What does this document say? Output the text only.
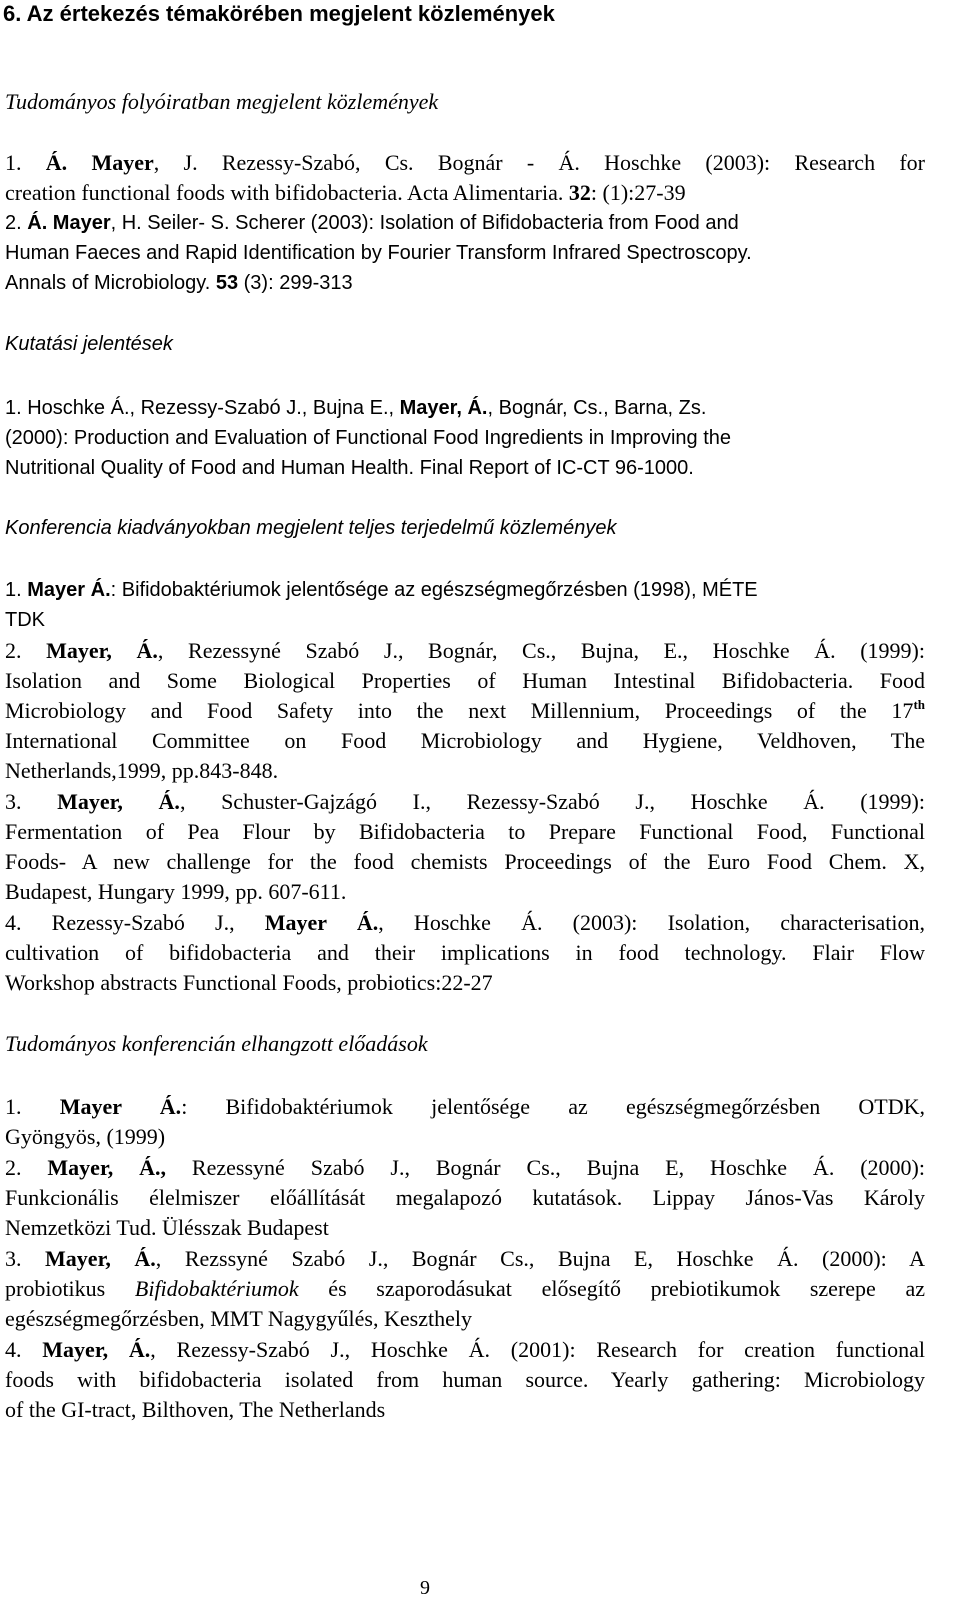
6. Az értekezés témakörében megjelent közlemények
Tudományos folyóiratban megjelent közlemények
1. Á. Mayer, J. Rezessy-Szabó, Cs. Bognár - Á. Hoschke (2003): Research for
creation functional foods with bifidobacteria. Acta Alimentaria. 32: (1):27-39
2. Á. Mayer, H. Seiler- S. Scherer (2003): Isolation of Bifidobacteria from Food and
Human Faeces and Rapid Identification by Fourier Transform Infrared Spectroscopy.
Annals of Microbiology. 53 (3): 299-313
Kutatási jelentések
1. Hoschke Á., Rezessy-Szabó J., Bujna E., Mayer, Á., Bognár, Cs., Barna, Zs.
(2000): Production and Evaluation of Functional Food Ingredients in Improving the
Nutritional Quality of Food and Human Health. Final Report of IC-CT 96-1000.
Konferencia kiadványokban megjelent teljes terjedelmű közlemények
1. Mayer Á.: Bifidobaktériumok jelentősége az egészségmegőrzésben (1998), MÉTE
TDK
2. Mayer, Á., Rezessyné Szabó J., Bognár, Cs., Bujna, E., Hoschke Á. (1999):
Isolation and Some Biological Properties of Human Intestinal Bifidobacteria. Food
Microbiology and Food Safety into the next Millennium, Proceedings of the 17th
International Committee on Food Microbiology and Hygiene, Veldhoven, The
Netherlands,1999, pp.843-848.
3. Mayer, Á., Schuster-Gajzágó I., Rezessy-Szabó J., Hoschke Á. (1999):
Fermentation of Pea Flour by Bifidobacteria to Prepare Functional Food, Functional
Foods- A new challenge for the food chemists Proceedings of the Euro Food Chem. X,
Budapest, Hungary 1999, pp. 607-611.
4. Rezessy-Szabó J., Mayer Á., Hoschke Á. (2003): Isolation, characterisation,
cultivation of bifidobacteria and their implications in food technology. Flair Flow
Workshop abstracts Functional Foods, probiotics:22-27
Tudományos konferencián elhangzott előadások
1. Mayer Á.: Bifidobaktériumok jelentősége az egészségmegőrzésben OTDK,
Gyöngyös, (1999)
2. Mayer, Á., Rezessyné Szabó J., Bognár Cs., Bujna E, Hoschke Á. (2000):
Funkcionális élelmiszer előállítását megalapozó kutatások. Lippay János-Vas Károly
Nemzetközi Tud. Ülésszak Budapest
3. Mayer, Á., Rezssyné Szabó J., Bognár Cs., Bujna E, Hoschke Á. (2000): A
probiotikus Bifidobaktériumok és szaporodásukat elősegítő prebiotikumok szerepe az
egészségmegőrzésben, MMT Nagygyűlés, Keszthely
4. Mayer, Á., Rezessy-Szabó J., Hoschke Á. (2001): Research for creation functional
foods with bifidobacteria isolated from human source. Yearly gathering: Microbiology
of the GI-tract, Bilthoven, The Netherlands
9
